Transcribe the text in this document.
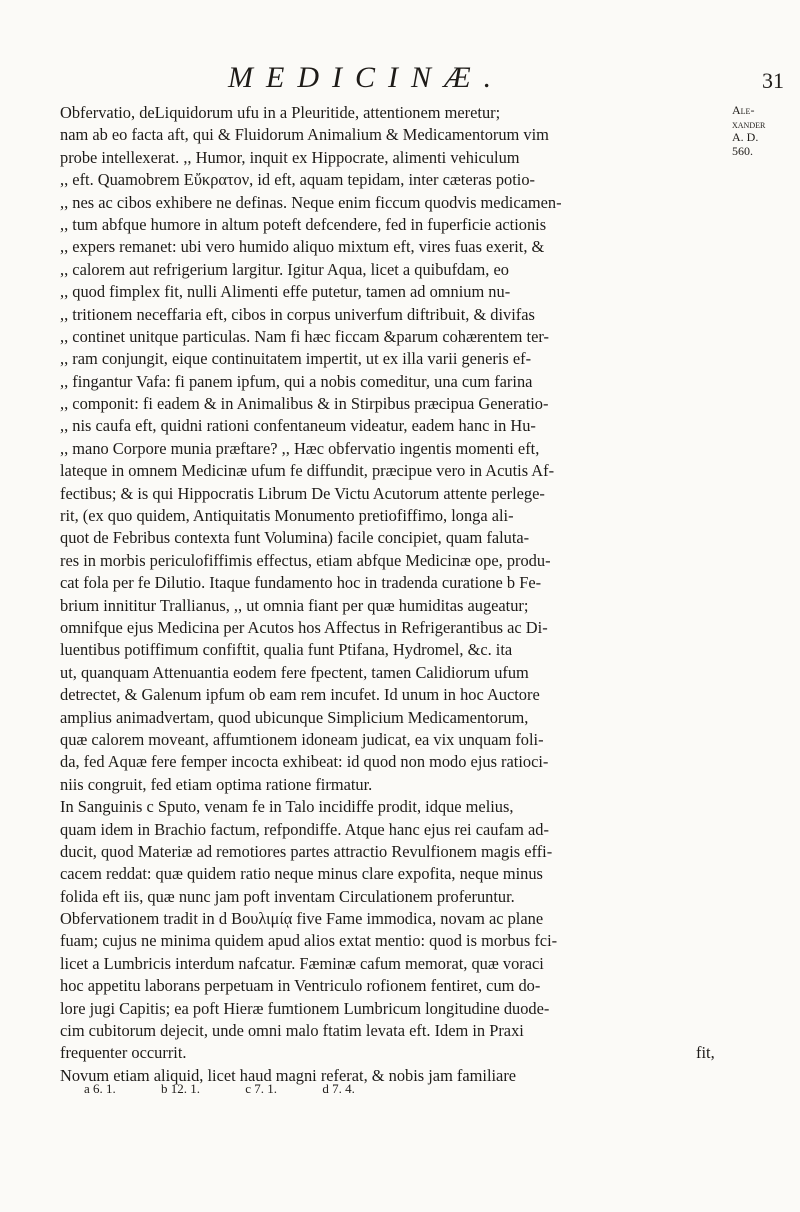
MEDICINÆ.	31
Ale-
xander
A. D.
560.
Obfervatio, deLiquidorum ufu in a Pleuritide, attentionem meretur;
nam ab eo facta aft, qui & Fluidorum Animalium & Medicamentorum vim
probe intellexerat. ,, Humor, inquit ex Hippocrate, alimenti vehiculum
,, eft. Quamobrem Εὔκρατον, id eft, aquam tepidam, inter cæteras potio-
,, nes ac cibos exhibere ne definas. Neque enim ficcum quodvis medicamen-
,, tum abfque humore in altum poteft defcendere, fed in fuperficie actionis
,, expers remanet: ubi vero humido aliquo mixtum eft, vires fuas exerit, &
,, calorem aut refrigerium largitur. Igitur Aqua, licet a quibufdam, eo
,, quod fimplex fit, nulli Alimenti effe putetur, tamen ad omnium nu-
,, tritionem neceffaria eft, cibos in corpus univerfum diftribuit, & divifas
,, continet unitque particulas. Nam fi hæc ficcam &parum cohærentem ter-
,, ram conjungit, eique continuitatem impertit, ut ex illa varii generis ef-
,, fingantur Vafa: fi panem ipfum, qui a nobis comeditur, una cum farina
,, componit: fi eadem & in Animalibus & in Stirpibus præcipua Generatio-
,, nis caufa eft, quidni rationi confentaneum videatur, eadem hanc in Hu-
,, mano Corpore munia præftare? ,, Hæc obfervatio ingentis momenti eft,
lateque in omnem Medicinæ ufum fe diffundit, præcipue vero in Acutis Af-
fectibus; & is qui Hippocratis Librum De Victu Acutorum attente perlege-
rit, (ex quo quidem, Antiquitatis Monumento pretiofiffimo, longa ali-
quot de Febribus contexta funt Volumina) facile concipiet, quam faluta-
res in morbis periculofiffimis effectus, etiam abfque Medicinæ ope, produ-
cat fola per fe Dilutio. Itaque fundamento hoc in tradenda curatione b Fe-
brium innititur Trallianus, ,, ut omnia fiant per quæ humiditas augeatur;
omnifque ejus Medicina per Acutos hos Affectus in Refrigerantibus ac Di-
luentibus potiffimum confiftit, qualia funt Ptifana, Hydromel, &c. ita
ut, quanquam Attenuantia eodem fere fpectent, tamen Calidiorum ufum
detrectet, & Galenum ipfum ob eam rem incufet. Id unum in hoc Auctore
amplius animadvertam, quod ubicunque Simplicium Medicamentorum,
quæ calorem moveant, affumtionem idoneam judicat, ea vix unquam foli-
da, fed Aquæ fere femper incocta exhibeat: id quod non modo ejus ratioci-
niis congruit, fed etiam optima ratione firmatur.
In Sanguinis c Sputo, venam fe in Talo incidiffe prodit, idque melius,
quam idem in Brachio factum, refpondiffe. Atque hanc ejus rei caufam ad-
ducit, quod Materiæ ad remotiores partes attractio Revulfionem magis effi-
cacem reddat: quæ quidem ratio neque minus clare expofita, neque minus
folida eft iis, quæ nunc jam poft inventam Circulationem proferuntur.
Obfervationem tradit in d Βουλιμίᾳ five Fame immodica, novam ac plane
fuam; cujus ne minima quidem apud alios extat mentio: quod is morbus fci-
licet a Lumbricis interdum nafcatur. Fæminæ cafum memorat, quæ voraci
hoc appetitu laborans perpetuam in Ventriculo rofionem fentiret, cum do-
lore jugi Capitis; ea poft Hieræ fumtionem Lumbricum longitudine duode-
cim cubitorum dejecit, unde omni malo ftatim levata eft. Idem in Praxi
frequenter occurrit.
Novum etiam aliquid, licet haud magni referat, & nobis jam familiare
fit,
a 6. 1.	b 12. 1.	c 7. 1.	d 7. 4.
